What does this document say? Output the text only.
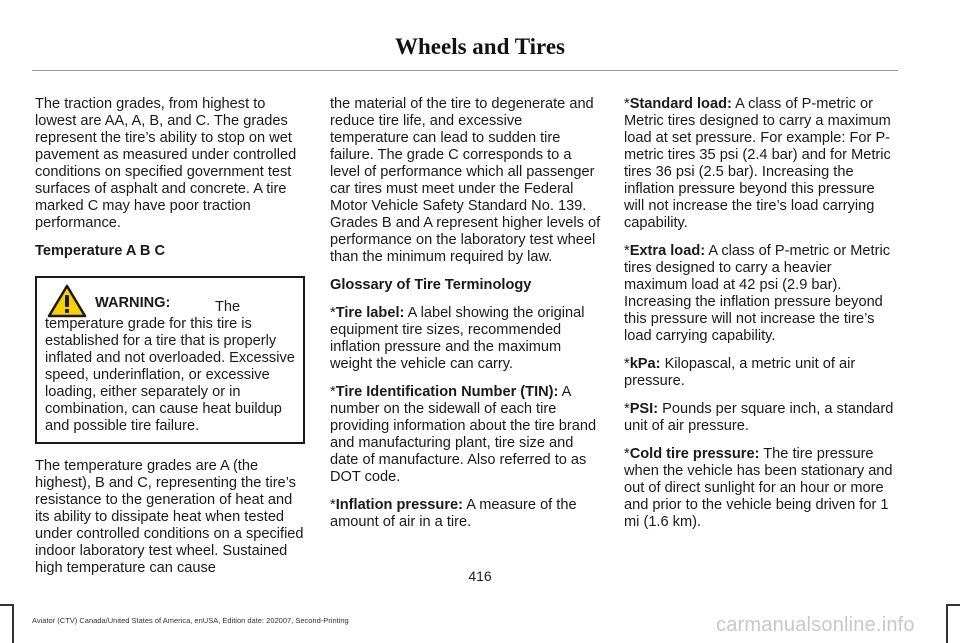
Wheels and Tires

The traction grades, from highest to lowest are AA, A, B, and C. The grades represent the tire’s ability to stop on wet pavement as measured under controlled conditions on specified government test surfaces of asphalt and concrete. A tire marked C may have poor traction performance.

Temperature A B C

WARNING:	The temperature grade for this tire is established for a tire that is properly inflated and not overloaded. Excessive speed, underinflation, or excessive loading, either separately or in combination, can cause heat buildup and possible tire failure.

The temperature grades are A (the highest), B and C, representing the tire’s resistance to the generation of heat and its ability to dissipate heat when tested under controlled conditions on a specified indoor laboratory test wheel. Sustained high temperature can cause

the material of the tire to degenerate and reduce tire life, and excessive temperature can lead to sudden tire failure. The grade C corresponds to a level of performance which all passenger car tires must meet under the Federal Motor Vehicle Safety Standard No. 139. Grades B and A represent higher levels of performance on the laboratory test wheel than the minimum required by law.

Glossary of Tire Terminology

*Tire label: A label showing the original equipment tire sizes, recommended inflation pressure and the maximum weight the vehicle can carry.

*Tire Identification Number (TIN): A number on the sidewall of each tire providing information about the tire brand and manufacturing plant, tire size and date of manufacture. Also referred to as DOT code.

*Inflation pressure: A measure of the amount of air in a tire.

*Standard load: A class of P-metric or Metric tires designed to carry a maximum load at set pressure. For example: For P-metric tires 35 psi (2.4 bar) and for Metric tires 36 psi (2.5 bar). Increasing the inflation pressure beyond this pressure will not increase the tire’s load carrying capability.

*Extra load: A class of P-metric or Metric tires designed to carry a heavier maximum load at 42 psi (2.9 bar). Increasing the inflation pressure beyond this pressure will not increase the tire’s load carrying capability.

*kPa: Kilopascal, a metric unit of air pressure.

*PSI: Pounds per square inch, a standard unit of air pressure.

*Cold tire pressure: The tire pressure when the vehicle has been stationary and out of direct sunlight for an hour or more and prior to the vehicle being driven for 1 mi (1.6 km).

416
Aviator (CTV) Canada/United States of America, enUSA, Edition date: 202007, Second-Printing	carmanualsonline.info
